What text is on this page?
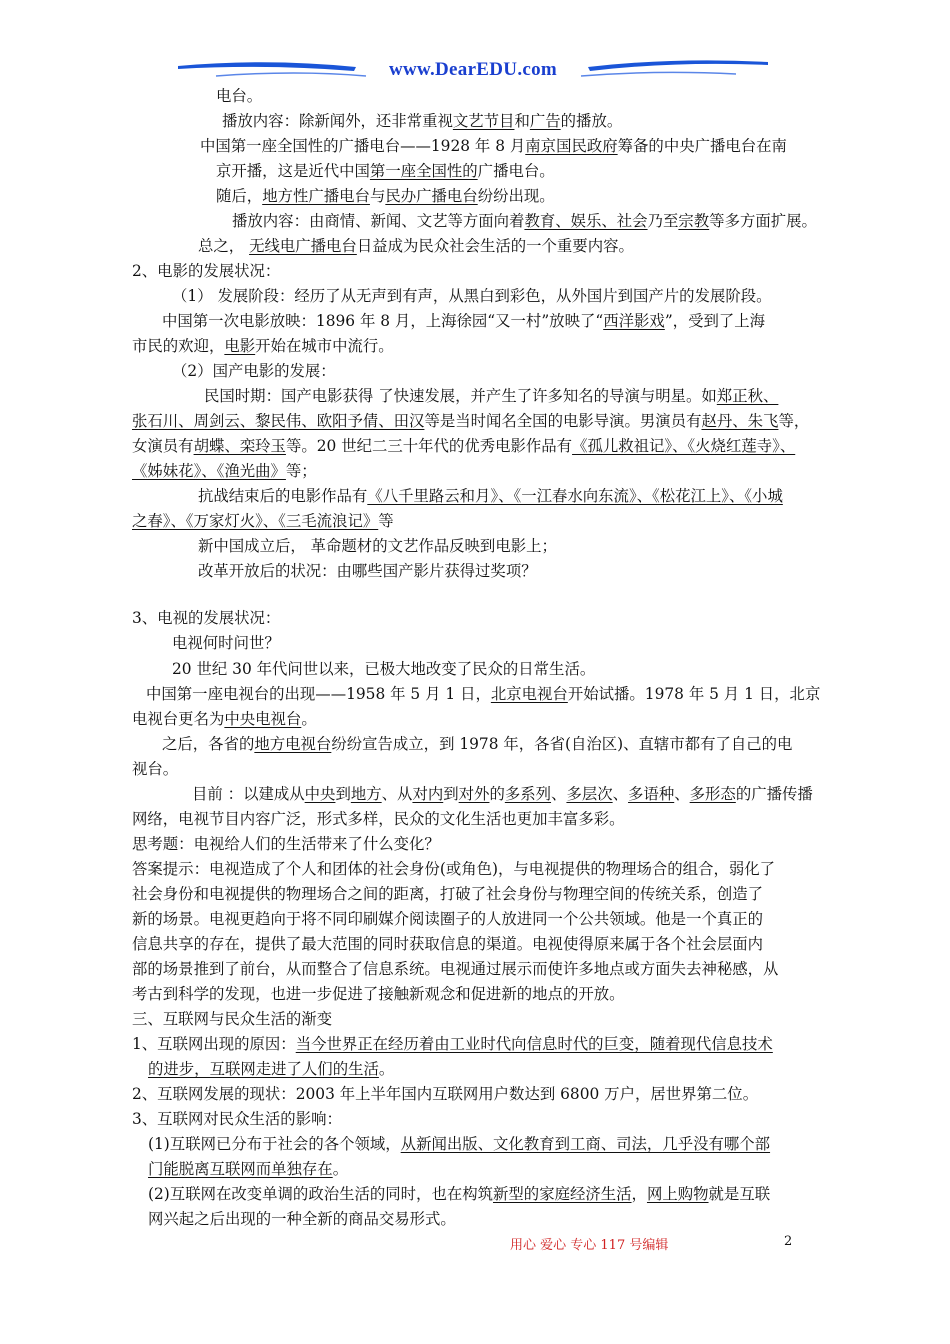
www.DearEDU.com
电台。
播放内容：除新闻外，还非常重视文艺节目和广告的播放。
中国第一座全国性的广播电台——1928 年 8 月南京国民政府筹备的中央广播电台在南
京开播，这是近代中国第一座全国性的广播电台。
随后，地方性广播电台与民办广播电台纷纷出现。
播放内容：由商情、新闻、文艺等方面向着教育、娱乐、社会乃至宗教等多方面扩展。
总之， 无线电广播电台日益成为民众社会生活的一个重要内容。
2、电影的发展状况：
（1） 发展阶段：经历了从无声到有声，从黑白到彩色，从外国片到国产片的发展阶段。
中国第一次电影放映：1896 年 8 月，上海徐园“又一村”放映了“西洋影戏”，受到了上海
市民的欢迎，电影开始在城市中流行。
（2）国产电影的发展：
民国时期：国产电影获得 了快速发展，并产生了许多知名的导演与明星。如郑正秋、
张石川、周剑云、黎民伟、欧阳予倩、田汉等是当时闻名全国的电影导演。男演员有赵丹、朱飞等，
女演员有胡蝶、栾玲玉等。20 世纪二三十年代的优秀电影作品有《孤儿救祖记》、《火烧红莲寺》、
《姊妹花》、《渔光曲》等；
抗战结束后的电影作品有《八千里路云和月》、《一江春水向东流》、《松花江上》、《小城
之春》、《万家灯火》、《三毛流浪记》等
新中国成立后， 革命题材的文艺作品反映到电影上；
改革开放后的状况：由哪些国产影片获得过奖项？
3、电视的发展状况：
电视何时问世？
20 世纪 30 年代问世以来，已极大地改变了民众的日常生活。
中国第一座电视台的出现——1958 年 5 月 1 日，北京电视台开始试播。1978 年 5 月 1 日，北京
电视台更名为中央电视台。
之后，各省的地方电视台纷纷宣告成立，到 1978 年，各省(自治区)、直辖市都有了自己的电
视台。
目前 ：以建成从中央到地方、从对内到对外的多系列、多层次、多语种、多形态的广播传播
网络，电视节目内容广泛，形式多样，民众的文化生活也更加丰富多彩。
思考题：电视给人们的生活带来了什么变化？
答案提示：电视造成了个人和团体的社会身份(或角色)，与电视提供的物理场合的组合，弱化了
社会身份和电视提供的物理场合之间的距离，打破了社会身份与物理空间的传统关系，创造了
新的场景。电视更趋向于将不同印刷媒介阅读圈子的人放进同一个公共领域。他是一个真正的
信息共享的存在，提供了最大范围的同时获取信息的渠道。电视使得原来属于各个社会层面内
部的场景推到了前台，从而整合了信息系统。电视通过展示而使许多地点或方面失去神秘感，从
考古到科学的发现，也进一步促进了接触新观念和促进新的地点的开放。
三、互联网与民众生活的渐变
1、互联网出现的原因：当今世界正在经历着由工业时代向信息时代的巨变，随着现代信息技术
的进步，互联网走进了人们的生活。
2、互联网发展的现状：2003 年上半年国内互联网用户数达到 6800 万户，居世界第二位。
3、互联网对民众生活的影响：
(1)互联网已分布于社会的各个领域，从新闻出版、文化教育到工商、司法，几乎没有哪个部
门能脱离互联网而单独存在。
(2)互联网在改变单调的政治生活的同时，也在构筑新型的家庭经济生活，网上购物就是互联
网兴起之后出现的一种全新的商品交易形式。
用心 爱心 专心 117 号编辑	2
